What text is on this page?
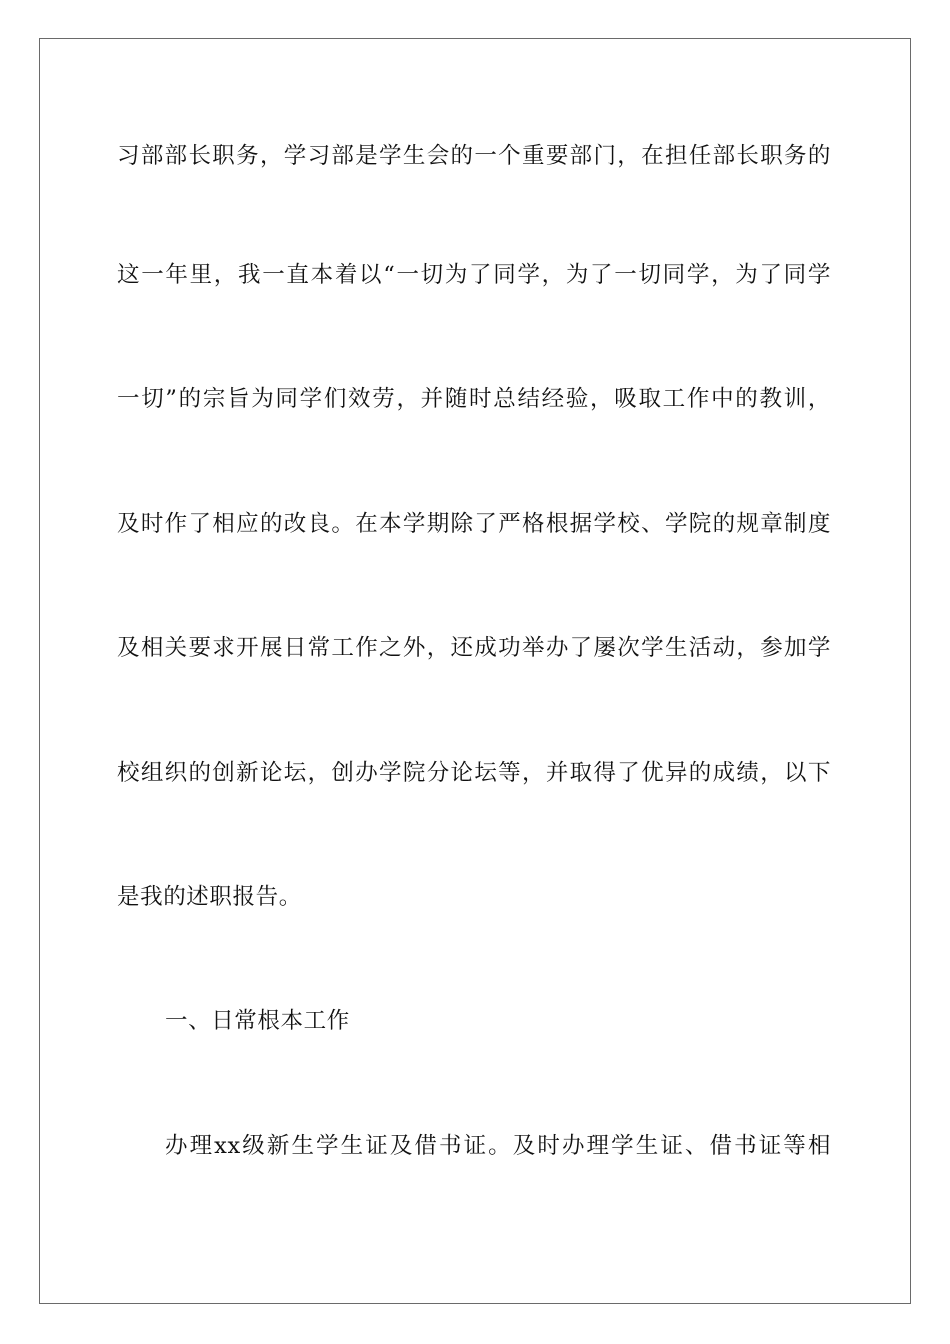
习部部长职务，学习部是学生会的一个重要部门，在担任部长职务的
这一年里，我一直本着以“一切为了同学，为了一切同学，为了同学
一切”的宗旨为同学们效劳，并随时总结经验，吸取工作中的教训，
及时作了相应的改良。在本学期除了严格根据学校、学院的规章制度
及相关要求开展日常工作之外，还成功举办了屡次学生活动，参加学
校组织的创新论坛，创办学院分论坛等，并取得了优异的成绩，以下
是我的述职报告。
一、日常根本工作
办理xx级新生学生证及借书证。及时办理学生证、借书证等相
